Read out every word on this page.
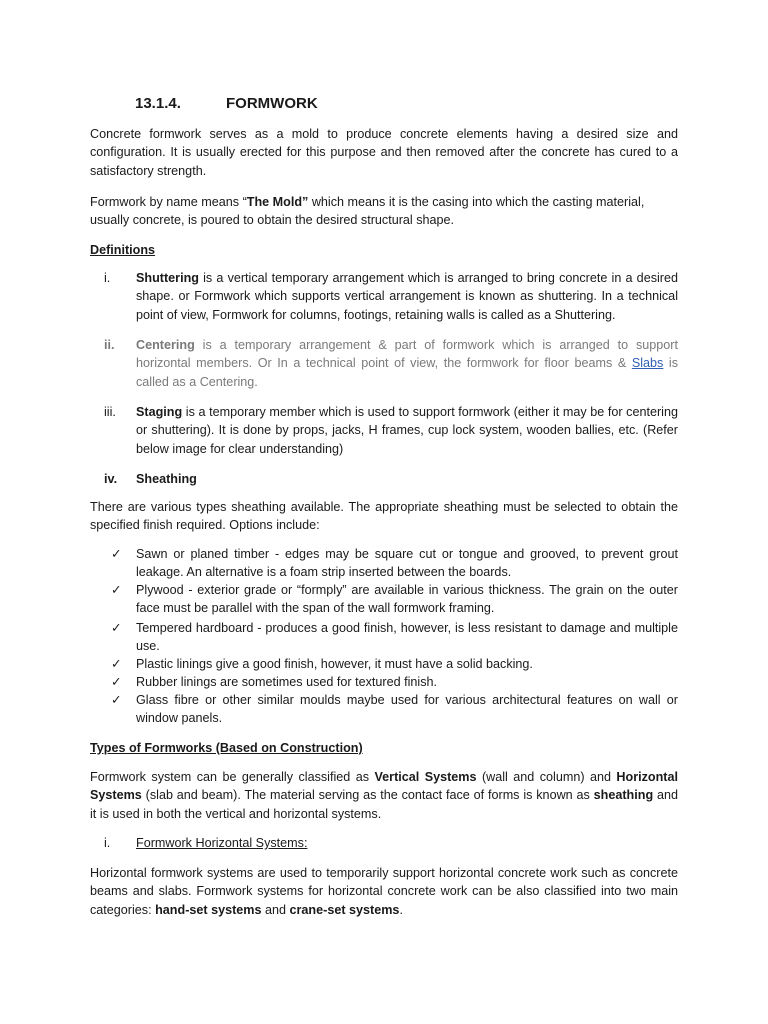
13.1.4.	FORMWORK

Concrete formwork serves as a mold to produce concrete elements having a desired size and configuration. It is usually erected for this purpose and then removed after the concrete has cured to a satisfactory strength.

Formwork by name means “The Mold” which means it is the casing into which the casting material, usually concrete, is poured to obtain the desired structural shape.

Definitions

i.	Shuttering is a vertical temporary arrangement which is arranged to bring concrete in a desired shape. or Formwork which supports vertical arrangement is known as shuttering. In a technical point of view, Formwork for columns, footings, retaining walls is called as a Shuttering.

ii.	Centering is a temporary arrangement & part of formwork which is arranged to support horizontal members. Or In a technical point of view, the formwork for floor beams & Slabs is called as a Centering.

iii.	Staging is a temporary member which is used to support formwork (either it may be for centering or shuttering). It is done by props, jacks, H frames, cup lock system, wooden ballies, etc. (Refer below image for clear understanding)

iv.	Sheathing

There are various types sheathing available. The appropriate sheathing must be selected to obtain the specified finish required. Options include:

✓	Sawn or planed timber - edges may be square cut or tongue and grooved, to prevent grout leakage. An alternative is a foam strip inserted between the boards.

✓	Plywood - exterior grade or “formply” are available in various thickness. The grain on the outer face must be parallel with the span of the wall formwork framing.

✓	Tempered hardboard - produces a good finish, however, is less resistant to damage and multiple use.

✓	Plastic linings give a good finish, however, it must have a solid backing.

✓	Rubber linings are sometimes used for textured finish.

✓	Glass fibre or other similar moulds maybe used for various architectural features on wall or window panels.

Types of Formworks (Based on Construction)

Formwork system can be generally classified as Vertical Systems (wall and column) and Horizontal Systems (slab and beam). The material serving as the contact face of forms is known as sheathing and it is used in both the vertical and horizontal systems.

i.	Formwork Horizontal Systems:

Horizontal formwork systems are used to temporarily support horizontal concrete work such as concrete beams and slabs. Formwork systems for horizontal concrete work can be also classified into two main categories: hand-set systems and crane-set systems.
